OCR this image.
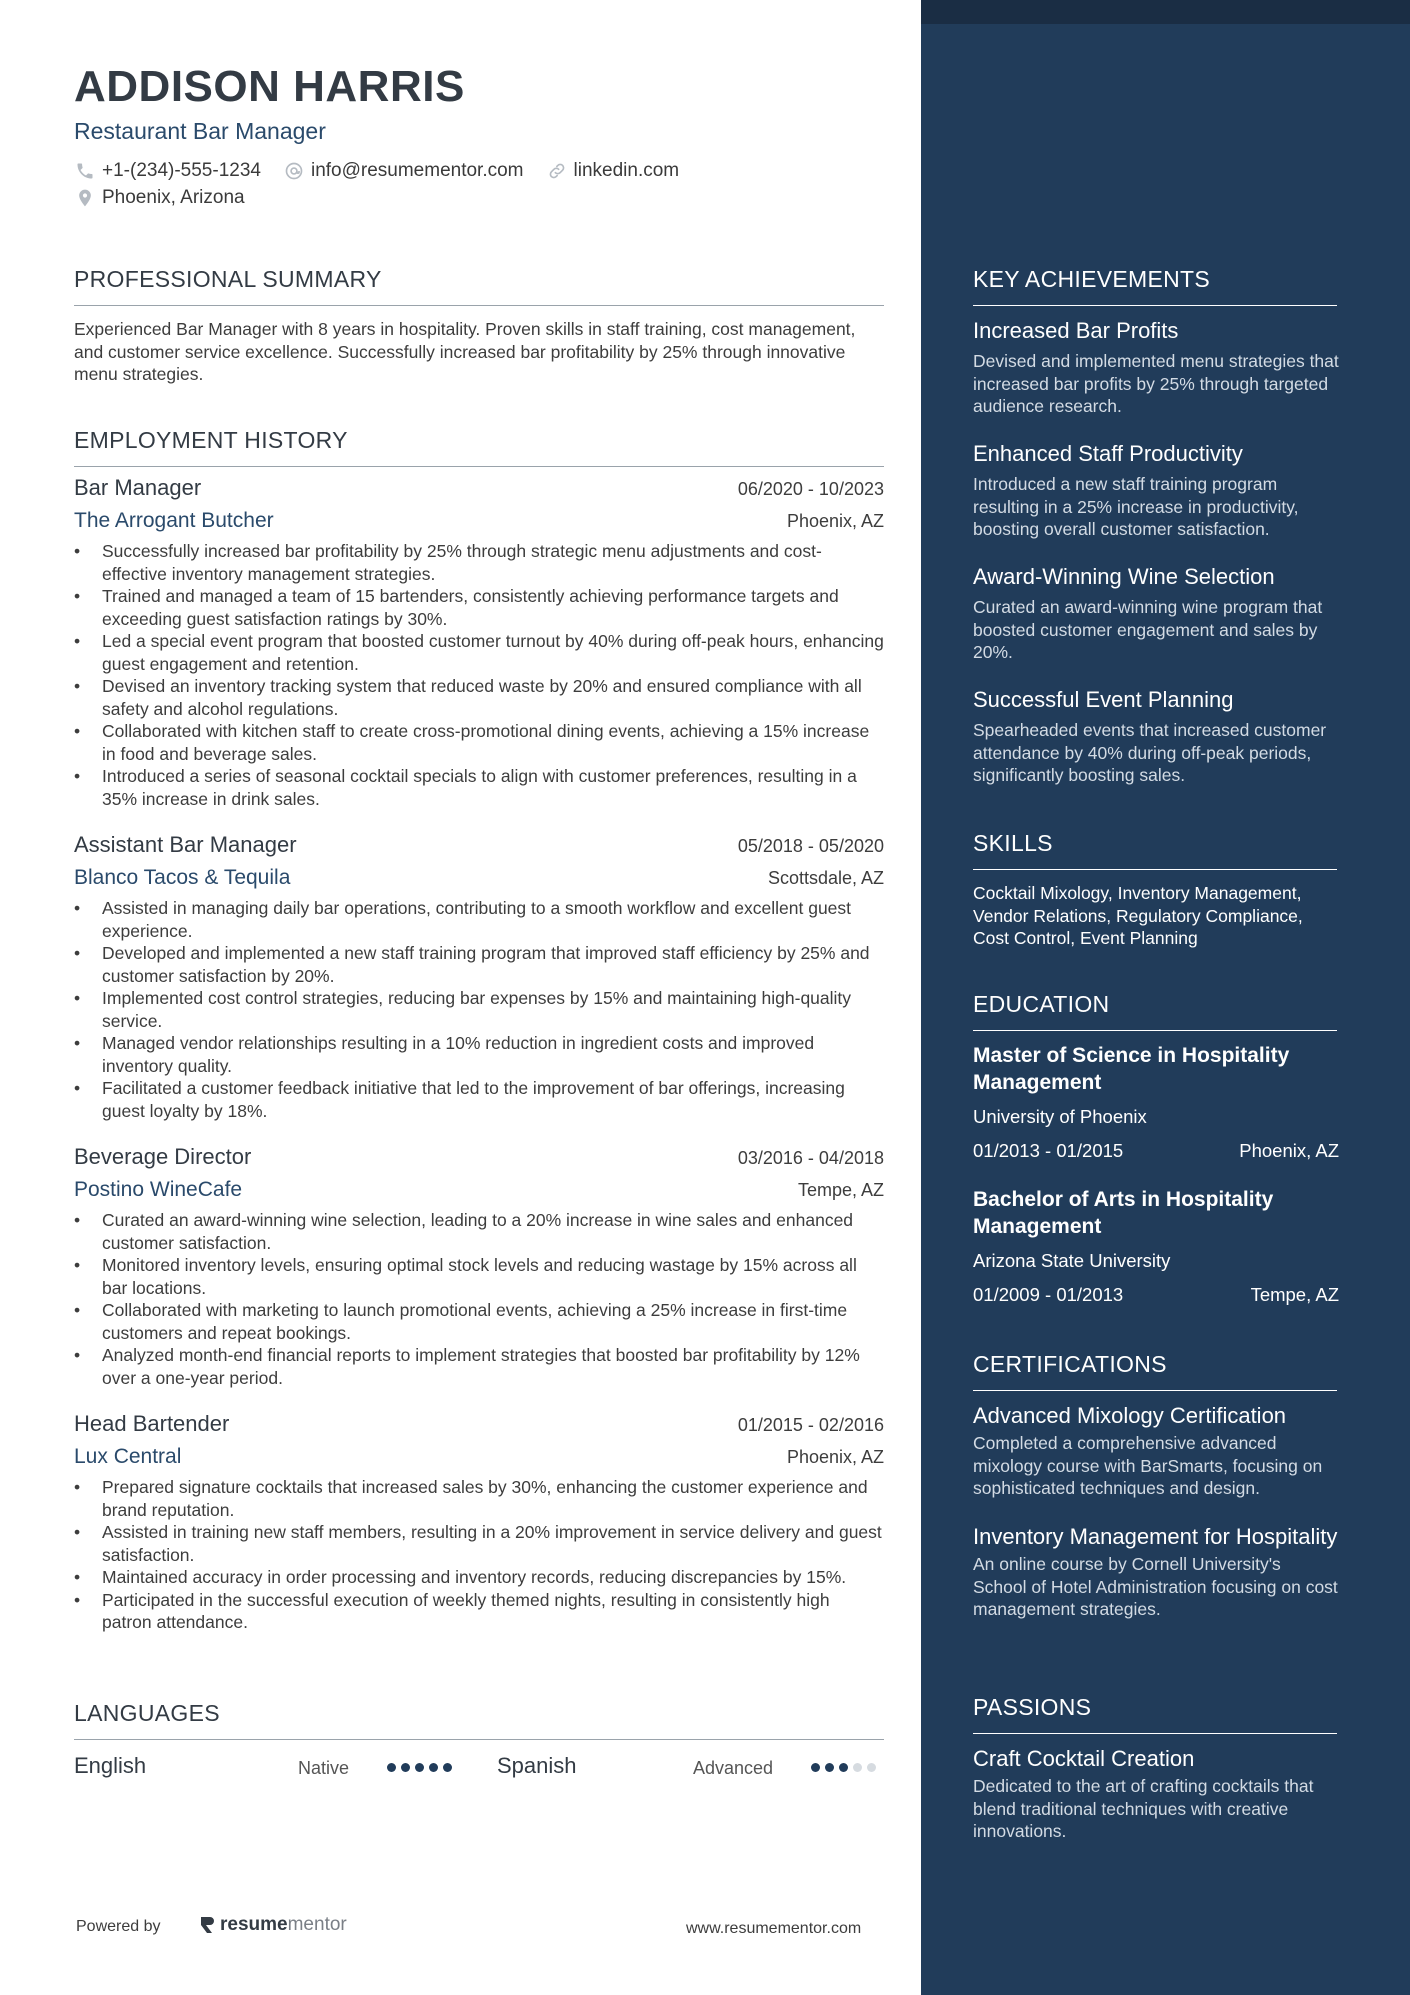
ADDISON HARRIS
Restaurant Bar Manager
+1-(234)-555-1234	info@resumementor.com	linkedin.com
Phoenix, Arizona
PROFESSIONAL SUMMARY
Experienced Bar Manager with 8 years in hospitality. Proven skills in staff training, cost management, and customer service excellence. Successfully increased bar profitability by 25% through innovative menu strategies.
EMPLOYMENT HISTORY
Bar Manager	06/2020 - 10/2023
The Arrogant Butcher	Phoenix, AZ
• Successfully increased bar profitability by 25% through strategic menu adjustments and cost-effective inventory management strategies.
• Trained and managed a team of 15 bartenders, consistently achieving performance targets and exceeding guest satisfaction ratings by 30%.
• Led a special event program that boosted customer turnout by 40% during off-peak hours, enhancing guest engagement and retention.
• Devised an inventory tracking system that reduced waste by 20% and ensured compliance with all safety and alcohol regulations.
• Collaborated with kitchen staff to create cross-promotional dining events, achieving a 15% increase in food and beverage sales.
• Introduced a series of seasonal cocktail specials to align with customer preferences, resulting in a 35% increase in drink sales.
Assistant Bar Manager	05/2018 - 05/2020
Blanco Tacos & Tequila	Scottsdale, AZ
• Assisted in managing daily bar operations, contributing to a smooth workflow and excellent guest experience.
• Developed and implemented a new staff training program that improved staff efficiency by 25% and customer satisfaction by 20%.
• Implemented cost control strategies, reducing bar expenses by 15% and maintaining high-quality service.
• Managed vendor relationships resulting in a 10% reduction in ingredient costs and improved inventory quality.
• Facilitated a customer feedback initiative that led to the improvement of bar offerings, increasing guest loyalty by 18%.
Beverage Director	03/2016 - 04/2018
Postino WineCafe	Tempe, AZ
• Curated an award-winning wine selection, leading to a 20% increase in wine sales and enhanced customer satisfaction.
• Monitored inventory levels, ensuring optimal stock levels and reducing wastage by 15% across all bar locations.
• Collaborated with marketing to launch promotional events, achieving a 25% increase in first-time customers and repeat bookings.
• Analyzed month-end financial reports to implement strategies that boosted bar profitability by 12% over a one-year period.
Head Bartender	01/2015 - 02/2016
Lux Central	Phoenix, AZ
• Prepared signature cocktails that increased sales by 30%, enhancing the customer experience and brand reputation.
• Assisted in training new staff members, resulting in a 20% improvement in service delivery and guest satisfaction.
• Maintained accuracy in order processing and inventory records, reducing discrepancies by 15%.
• Participated in the successful execution of weekly themed nights, resulting in consistently high patron attendance.
LANGUAGES
English	Native	Spanish	Advanced
Powered by	resume mentor	www.resumementor.com
KEY ACHIEVEMENTS
Increased Bar Profits
Devised and implemented menu strategies that increased bar profits by 25% through targeted audience research.
Enhanced Staff Productivity
Introduced a new staff training program resulting in a 25% increase in productivity, boosting overall customer satisfaction.
Award-Winning Wine Selection
Curated an award-winning wine program that boosted customer engagement and sales by 20%.
Successful Event Planning
Spearheaded events that increased customer attendance by 40% during off-peak periods, significantly boosting sales.
SKILLS
Cocktail Mixology, Inventory Management, Vendor Relations, Regulatory Compliance, Cost Control, Event Planning
EDUCATION
Master of Science in Hospitality Management
University of Phoenix
01/2013 - 01/2015	Phoenix, AZ
Bachelor of Arts in Hospitality Management
Arizona State University
01/2009 - 01/2013	Tempe, AZ
CERTIFICATIONS
Advanced Mixology Certification
Completed a comprehensive advanced mixology course with BarSmarts, focusing on sophisticated techniques and design.
Inventory Management for Hospitality
An online course by Cornell University's School of Hotel Administration focusing on cost management strategies.
PASSIONS
Craft Cocktail Creation
Dedicated to the art of crafting cocktails that blend traditional techniques with creative innovations.
